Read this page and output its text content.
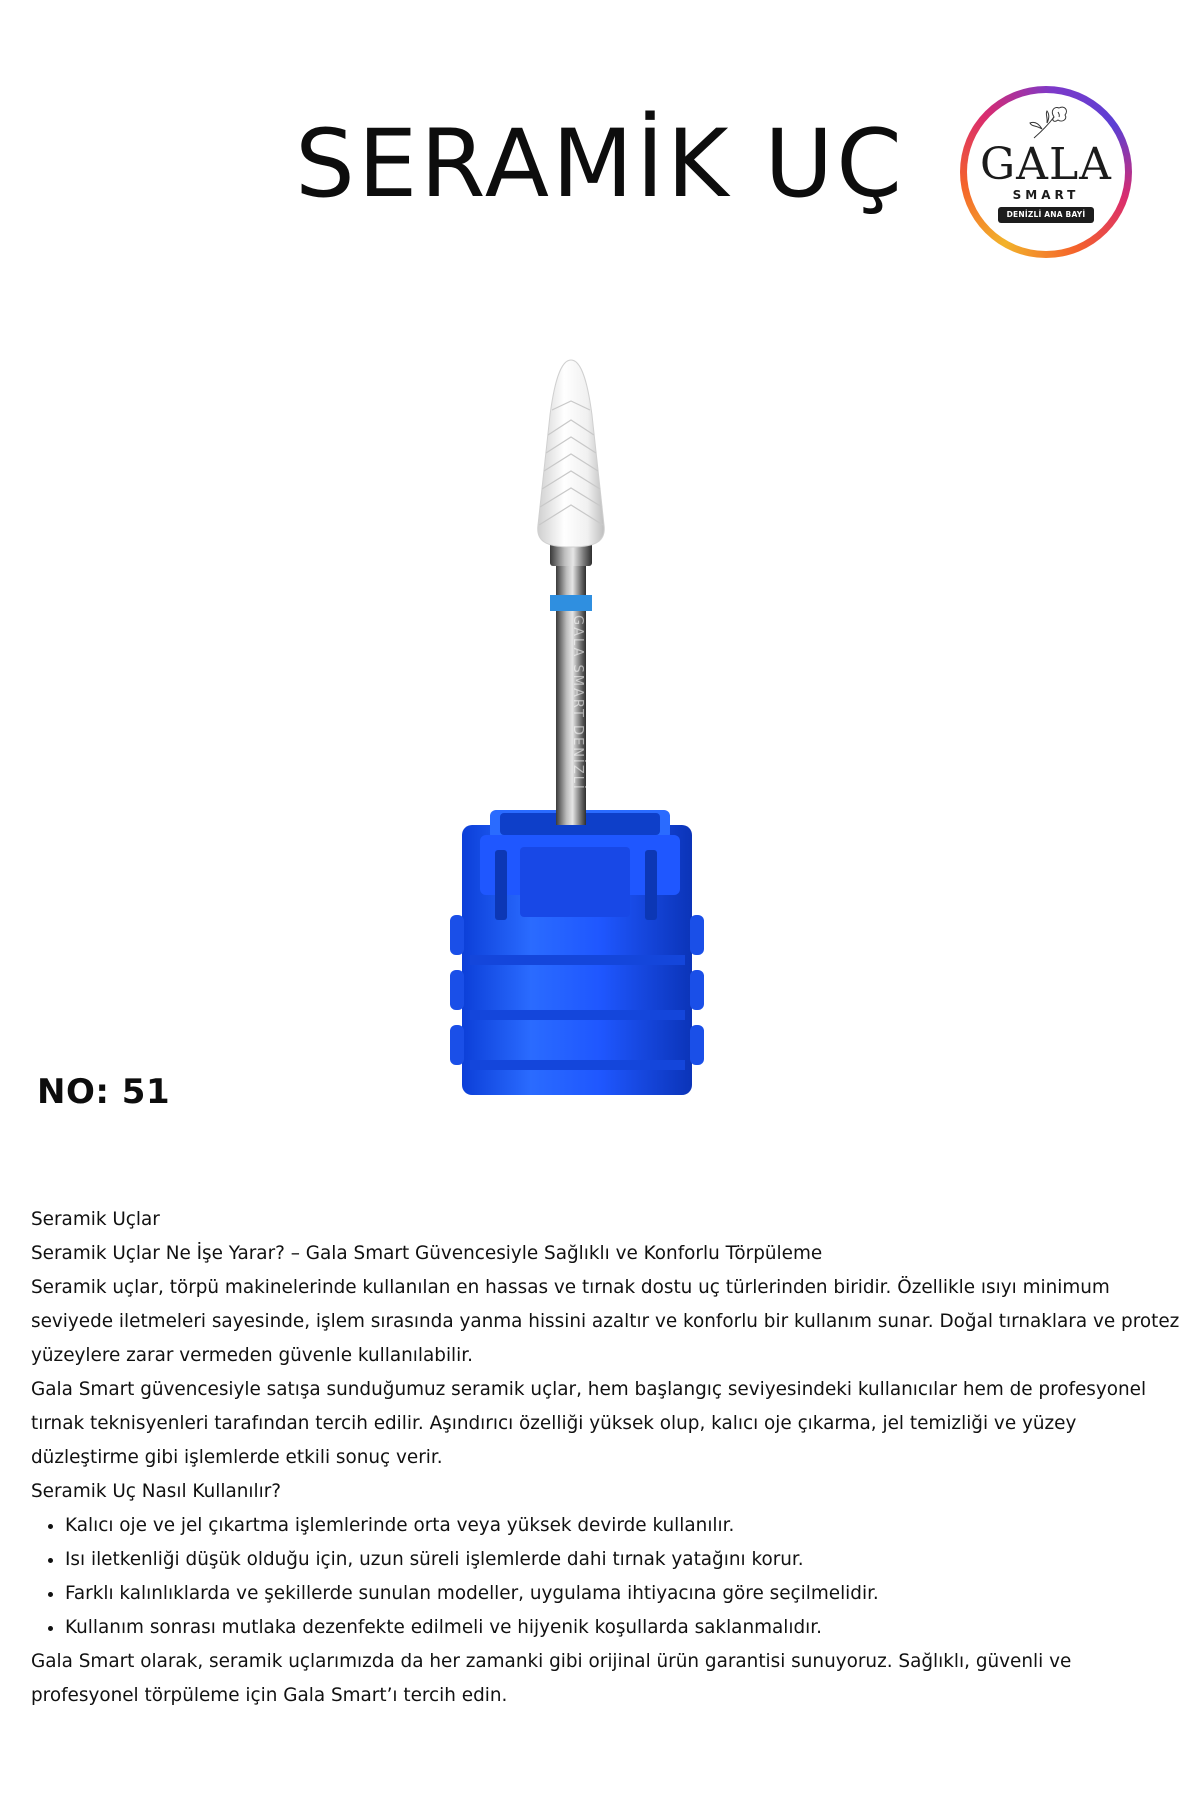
SERAMİK UÇ	GALA
SMART
DENİZLİ ANA BAYİ
GALA SMART DENİZLİ
NO: 51

Seramik Uçlar

Seramik Uçlar Ne İşe Yarar? – Gala Smart Güvencesiyle Sağlıklı ve Konforlu Törpüleme

Seramik uçlar, törpü makinelerinde kullanılan en hassas ve tırnak dostu uç türlerinden biridir. Özellikle ısıyı minimum seviyede iletmeleri sayesinde, işlem sırasında yanma hissini azaltır ve konforlu bir kullanım sunar. Doğal tırnaklara ve protez yüzeylere zarar vermeden güvenle kullanılabilir.

Gala Smart güvencesiyle satışa sunduğumuz seramik uçlar, hem başlangıç seviyesindeki kullanıcılar hem de profesyonel tırnak teknisyenleri tarafından tercih edilir. Aşındırıcı özelliği yüksek olup, kalıcı oje çıkarma, jel temizliği ve yüzey düzleştirme gibi işlemlerde etkili sonuç verir.

Seramik Uç Nasıl Kullanılır?

• Kalıcı oje ve jel çıkartma işlemlerinde orta veya yüksek devirde kullanılır.
• Isı iletkenliği düşük olduğu için, uzun süreli işlemlerde dahi tırnak yatağını korur.
• Farklı kalınlıklarda ve şekillerde sunulan modeller, uygulama ihtiyacına göre seçilmelidir.
• Kullanım sonrası mutlaka dezenfekte edilmeli ve hijyenik koşullarda saklanmalıdır.

Gala Smart olarak, seramik uçlarımızda da her zamanki gibi orijinal ürün garantisi sunuyoruz. Sağlıklı, güvenli ve profesyonel törpüleme için Gala Smart’ı tercih edin.
